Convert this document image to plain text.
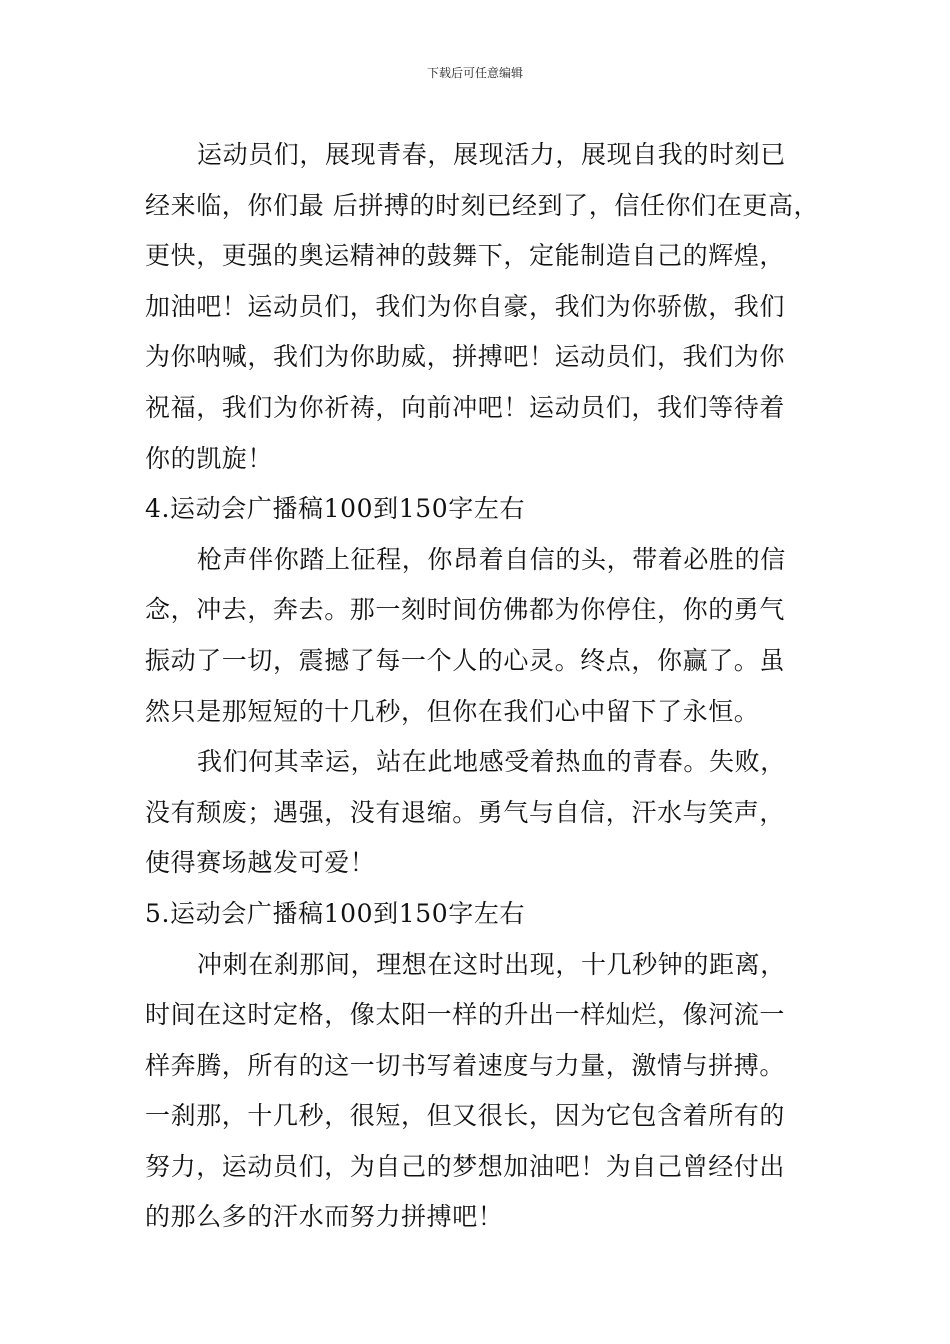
下载后可任意编辑
运动员们，展现青春，展现活力，展现自我的时刻已
经来临，你们最 后拼搏的时刻已经到了，信任你们在更高，
更快，更强的奥运精神的鼓舞下，定能制造自己的辉煌，
加油吧！运动员们，我们为你自豪，我们为你骄傲，我们
为你呐喊，我们为你助威，拼搏吧！运动员们，我们为你
祝福，我们为你祈祷，向前冲吧！运动员们，我们等待着
你的凯旋！
4.运动会广播稿100到150字左右
枪声伴你踏上征程，你昂着自信的头，带着必胜的信
念，冲去，奔去。那一刻时间仿佛都为你停住，你的勇气
振动了一切，震撼了每一个人的心灵。终点，你赢了。虽
然只是那短短的十几秒，但你在我们心中留下了永恒。
我们何其幸运，站在此地感受着热血的青春。失败，
没有颓废；遇强，没有退缩。勇气与自信，汗水与笑声，
使得赛场越发可爱！
5.运动会广播稿100到150字左右
冲刺在刹那间，理想在这时出现，十几秒钟的距离，
时间在这时定格，像太阳一样的升出一样灿烂，像河流一
样奔腾，所有的这一切书写着速度与力量，激情与拼搏。
一刹那，十几秒，很短，但又很长，因为它包含着所有的
努力，运动员们，为自己的梦想加油吧！为自己曾经付出
的那么多的汗水而努力拼搏吧！
